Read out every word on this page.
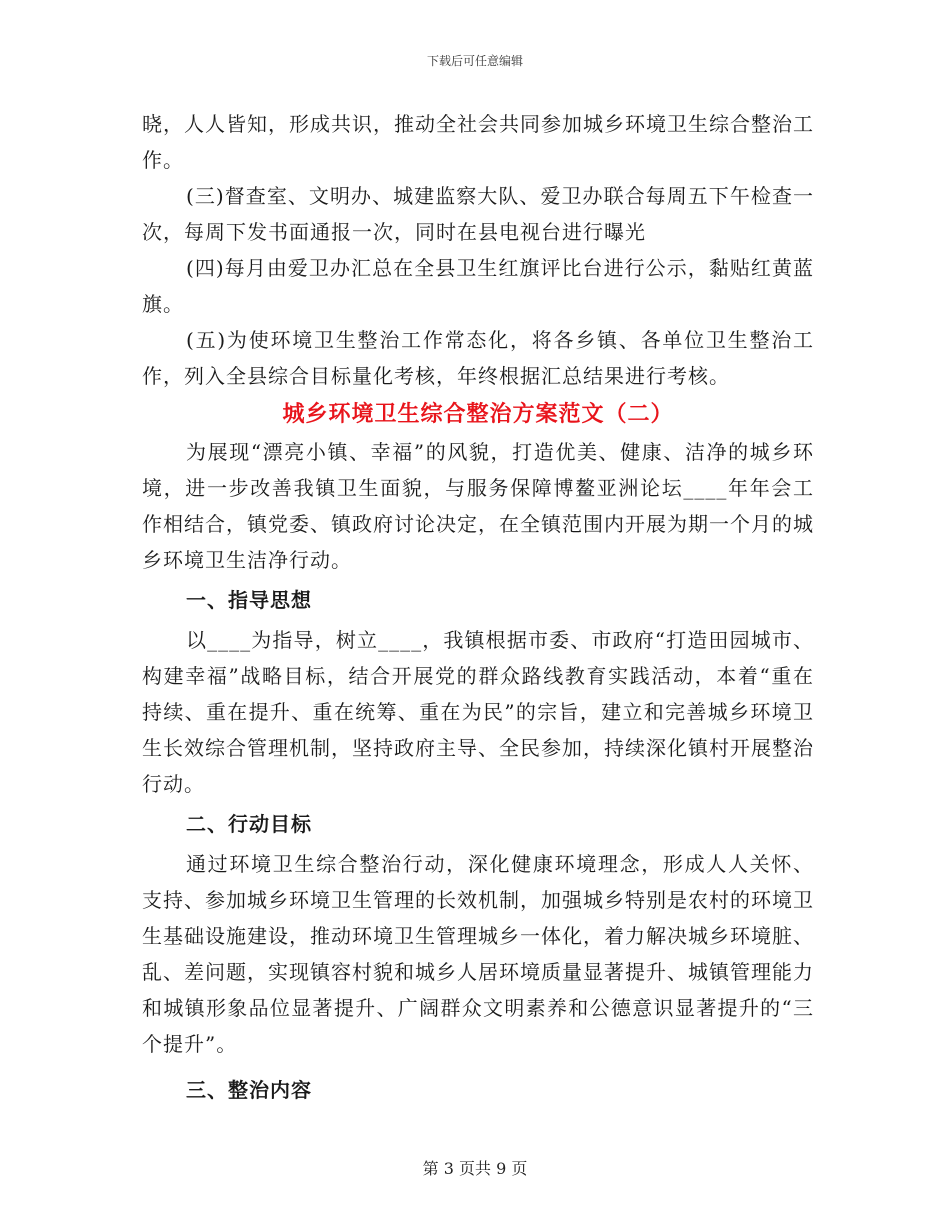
下载后可任意编辑

晓，人人皆知，形成共识，推动全社会共同参加城乡环境卫生综合整治工作。

(三)督查室、文明办、城建监察大队、爱卫办联合每周五下午检查一次，每周下发书面通报一次，同时在县电视台进行曝光

(四)每月由爱卫办汇总在全县卫生红旗评比台进行公示，黏贴红黄蓝旗。

(五)为使环境卫生整治工作常态化，将各乡镇、各单位卫生整治工作，列入全县综合目标量化考核，年终根据汇总结果进行考核。

城乡环境卫生综合整治方案范文（二）

为展现“漂亮小镇、幸福”的风貌，打造优美、健康、洁净的城乡环境，进一步改善我镇卫生面貌，与服务保障博鳌亚洲论坛____年年会工作相结合，镇党委、镇政府讨论决定，在全镇范围内开展为期一个月的城乡环境卫生洁净行动。

一、指导思想

以____为指导，树立____，我镇根据市委、市政府“打造田园城市、构建幸福”战略目标，结合开展党的群众路线教育实践活动，本着“重在持续、重在提升、重在统筹、重在为民”的宗旨，建立和完善城乡环境卫生长效综合管理机制，坚持政府主导、全民参加，持续深化镇村开展整治行动。

二、行动目标

通过环境卫生综合整治行动，深化健康环境理念，形成人人关怀、支持、参加城乡环境卫生管理的长效机制，加强城乡特别是农村的环境卫生基础设施建设，推动环境卫生管理城乡一体化，着力解决城乡环境脏、乱、差问题，实现镇容村貌和城乡人居环境质量显著提升、城镇管理能力和城镇形象品位显著提升、广阔群众文明素养和公德意识显著提升的“三个提升”。

三、整治内容
第 3 页共 9 页
